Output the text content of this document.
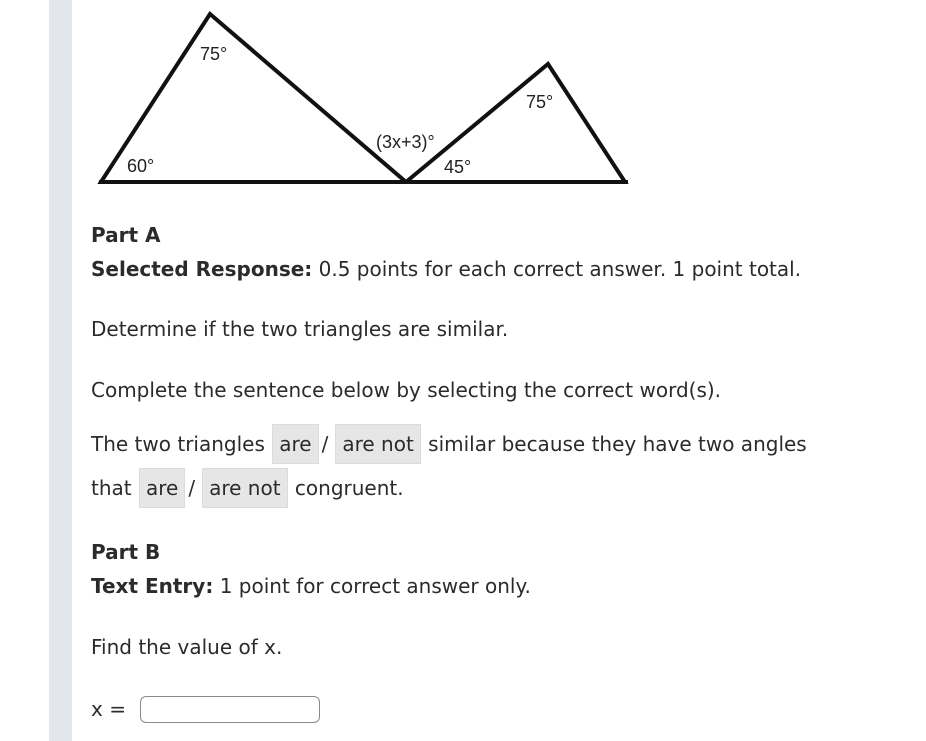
75°
60°
(3x+3)°
75°
45°
Part A
Selected Response: 0.5 points for each correct answer. 1 point total.
Determine if the two triangles are similar.
Complete the sentence below by selecting the correct word(s).
The two triangles are / are not similar because they have two angles
that are / are not congruent.
Part B
Text Entry: 1 point for correct answer only.
Find the value of x.
x =
